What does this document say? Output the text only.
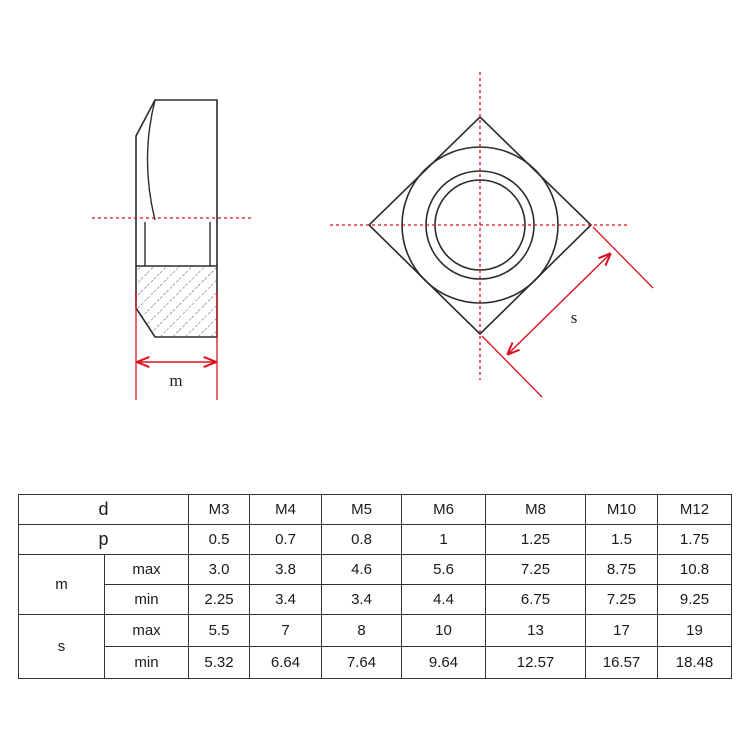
m
s
d		M3	M4	M5	M6	M8	M10	M12
p		0.5	0.7	0.8	1	1.25	1.5	1.75
m	max	3.0	3.8	4.6	5.6	7.25	8.75	10.8
	min	2.25	3.4	3.4	4.4	6.75	7.25	9.25
s	max	5.5	7	8	10	13	17	19
	min	5.32	6.64	7.64	9.64	12.57	16.57	18.48
